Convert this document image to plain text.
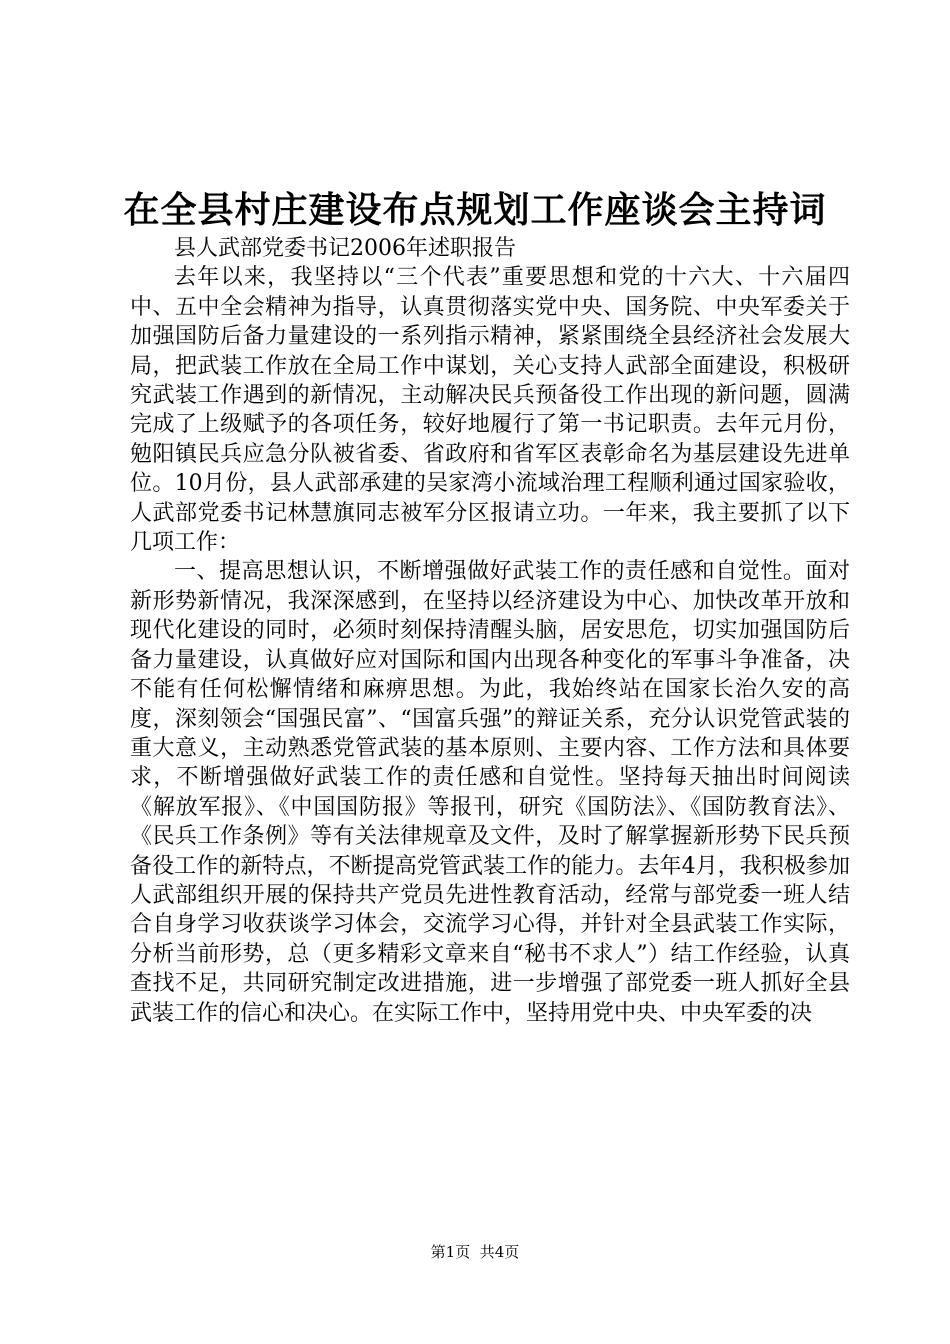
在全县村庄建设布点规划工作座谈会主持词

县人武部党委书记2006年述职报告

去年以来，我坚持以“三个代表”重要思想和党的十六大、十六届四中、五中全会精神为指导，认真贯彻落实党中央、国务院、中央军委关于加强国防后备力量建设的一系列指示精神，紧紧围绕全县经济社会发展大局，把武装工作放在全局工作中谋划，关心支持人武部全面建设，积极研究武装工作遇到的新情况，主动解决民兵预备役工作出现的新问题，圆满完成了上级赋予的各项任务，较好地履行了第一书记职责。去年元月份，勉阳镇民兵应急分队被省委、省政府和省军区表彰命名为基层建设先进单位。10月份，县人武部承建的吴家湾小流域治理工程顺利通过国家验收，人武部党委书记林慧旗同志被军分区报请立功。一年来，我主要抓了以下几项工作：

一、提高思想认识，不断增强做好武装工作的责任感和自觉性。面对新形势新情况，我深深感到，在坚持以经济建设为中心、加快改革开放和现代化建设的同时，必须时刻保持清醒头脑，居安思危，切实加强国防后备力量建设，认真做好应对国际和国内出现各种变化的军事斗争准备，决不能有任何松懈情绪和麻痹思想。为此，我始终站在国家长治久安的高度，深刻领会“国强民富”、“国富兵强”的辩证关系，充分认识党管武装的重大意义，主动熟悉党管武装的基本原则、主要内容、工作方法和具体要求，不断增强做好武装工作的责任感和自觉性。坚持每天抽出时间阅读《解放军报》、《中国国防报》等报刊，研究《国防法》、《国防教育法》、《民兵工作条例》等有关法律规章及文件，及时了解掌握新形势下民兵预备役工作的新特点，不断提高党管武装工作的能力。去年4月，我积极参加人武部组织开展的保持共产党员先进性教育活动，经常与部党委一班人结合自身学习收获谈学习体会，交流学习心得，并针对全县武装工作实际，分析当前形势，总（更多精彩文章来自“秘书不求人”）结工作经验，认真查找不足，共同研究制定改进措施，进一步增强了部党委一班人抓好全县武装工作的信心和决心。在实际工作中，坚持用党中央、中央军委的决

第1页 共4页
